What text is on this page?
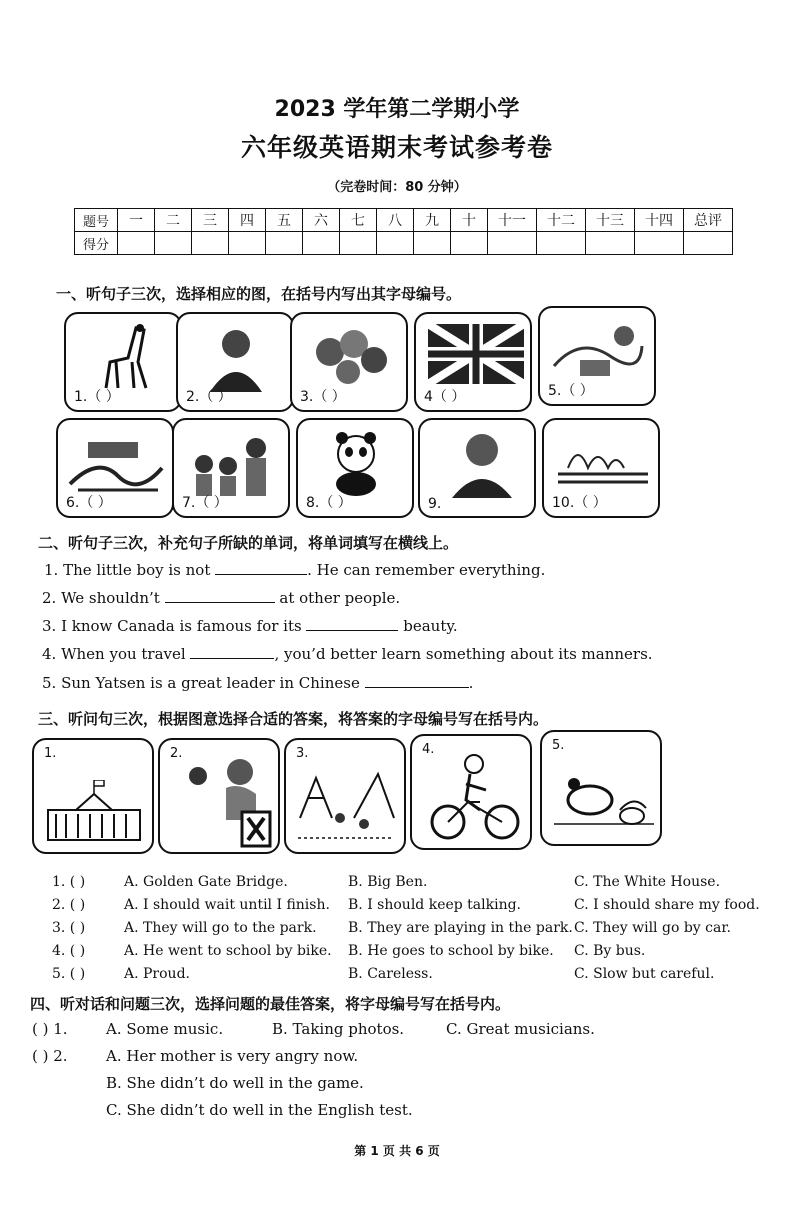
2023 学年第二学期小学
六年级英语期末考试参考卷
（完卷时间：80 分钟）
题号	一	二	三	四	五	六	七	八	九	十	十一	十二	十三	十四	总评
得分															
一、听句子三次，选择相应的图，在括号内写出其字母编号。
1.（ ）	2.（ ）	3.（ ）	4（ ）	5.（ ）
6.（ ）	7.（ ）	8.（ ）	9.	10.（ ）
二、听句子三次，补充句子所缺的单词，将单词填写在横线上。
1. The little boy is not	. He can remember everything.
2. We shouldn’t	at other people.
3. I know Canada is famous for its	beauty.
4. When you travel	, you’d better learn something about its manners.
5. Sun Yatsen is a great leader in Chinese	.
三、听问句三次，根据图意选择合适的答案，将答案的字母编号写在括号内。
1.	2.	3.	4.	5.
1. ( )	A. Golden Gate Bridge.	B. Big Ben.	C. The White House.
2. ( )	A. I should wait until I finish. B. I should keep talking.	C. I should share my food.
3. ( )	A. They will go to the park. B. They are playing in the park. C. They will go by car.
4. ( )	A. He went to school by bike. B. He goes to school by bike. C. By bus.
5. ( )	A. Proud.	B. Careless.	C. Slow but careful.
四、听对话和问题三次，选择问题的最佳答案，将字母编号写在括号内。
( ) 1.	A. Some music.	B. Taking photos.	C. Great musicians.
( ) 2.	A. Her mother is very angry now.
B. She didn’t do well in the game.
C. She didn’t do well in the English test.
第 1 页 共 6 页
